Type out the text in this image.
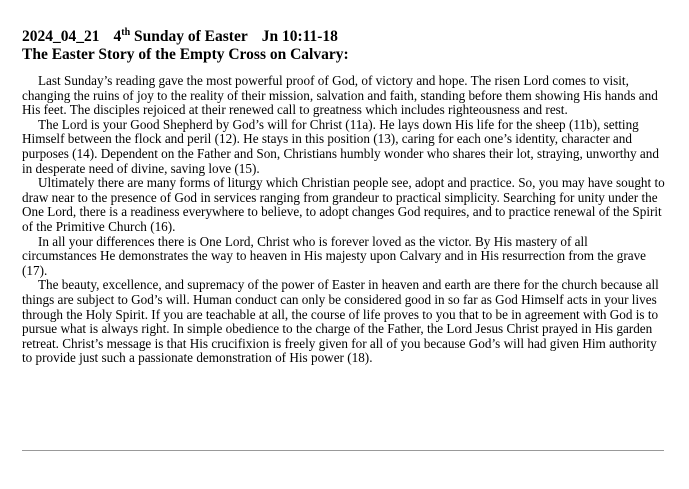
2024_04_21 4th Sunday of Easter Jn 10:11-18
The Easter Story of the Empty Cross on Calvary:

Last Sunday’s reading gave the most powerful proof of God, of victory and hope. The risen Lord comes to visit, changing the ruins of joy to the reality of their mission, salvation and faith, standing before them showing His hands and His feet. The disciples rejoiced at their renewed call to greatness which includes righteousness and rest.

The Lord is your Good Shepherd by God’s will for Christ (11a). He lays down His life for the sheep (11b), setting Himself between the flock and peril (12). He stays in this position (13), caring for each one’s identity, character and purposes (14). Dependent on the Father and Son, Christians humbly wonder who shares their lot, straying, unworthy and in desperate need of divine, saving love (15).

Ultimately there are many forms of liturgy which Christian people see, adopt and practice. So, you may have sought to draw near to the presence of God in services ranging from grandeur to practical simplicity. Searching for unity under the One Lord, there is a readiness everywhere to believe, to adopt changes God requires, and to practice renewal of the Spirit of the Primitive Church (16).

In all your differences there is One Lord, Christ who is forever loved as the victor. By His mastery of all circumstances He demonstrates the way to heaven in His majesty upon Calvary and in His resurrection from the grave (17).

The beauty, excellence, and supremacy of the power of Easter in heaven and earth are there for the church because all things are subject to God’s will. Human conduct can only be considered good in so far as God Himself acts in your lives through the Holy Spirit. If you are teachable at all, the course of life proves to you that to be in agreement with God is to pursue what is always right. In simple obedience to the charge of the Father, the Lord Jesus Christ prayed in His garden retreat. Christ’s message is that His crucifixion is freely given for all of you because God’s will had given Him authority to provide just such a passionate demonstration of His power (18).
